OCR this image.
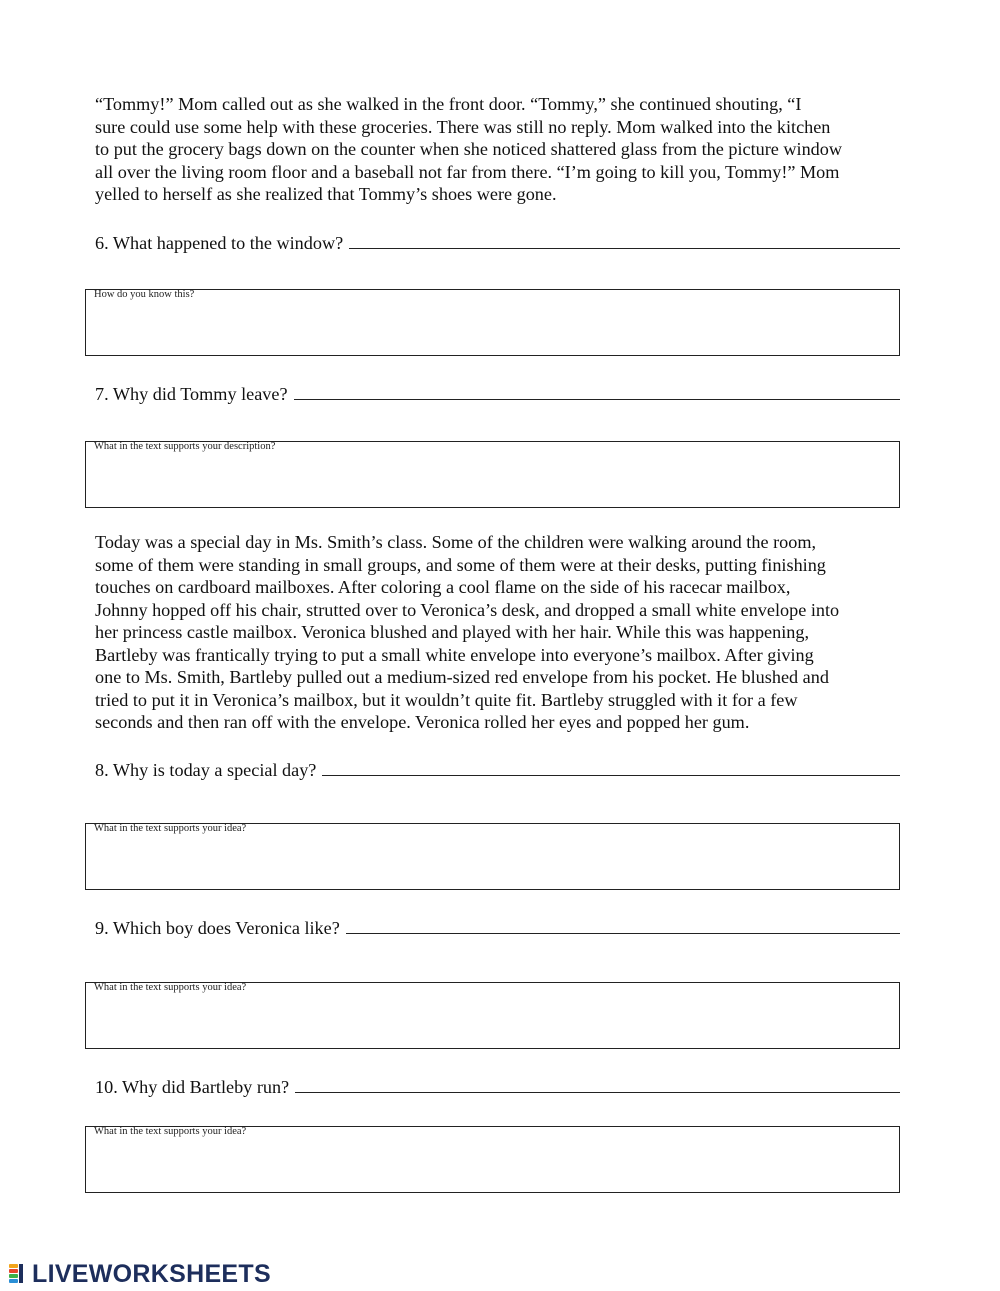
“Tommy!” Mom called out as she walked in the front door. “Tommy,” she continued shouting, “I
sure could use some help with these groceries. There was still no reply. Mom walked into the kitchen
to put the grocery bags down on the counter when she noticed shattered glass from the picture window
all over the living room floor and a baseball not far from there. “I’m going to kill you, Tommy!” Mom
yelled to herself as she realized that Tommy’s shoes were gone.
6. What happened to the window?
How do you know this?
7. Why did Tommy leave?
What in the text supports your description?
Today was a special day in Ms. Smith’s class. Some of the children were walking around the room,
some of them were standing in small groups, and some of them were at their desks, putting finishing
touches on cardboard mailboxes. After coloring a cool flame on the side of his racecar mailbox,
Johnny hopped off his chair, strutted over to Veronica’s desk, and dropped a small white envelope into
her princess castle mailbox. Veronica blushed and played with her hair. While this was happening,
Bartleby was frantically trying to put a small white envelope into everyone’s mailbox. After giving
one to Ms. Smith, Bartleby pulled out a medium-sized red envelope from his pocket. He blushed and
tried to put it in Veronica’s mailbox, but it wouldn’t quite fit. Bartleby struggled with it for a few
seconds and then ran off with the envelope. Veronica rolled her eyes and popped her gum.
8. Why is today a special day?
What in the text supports your idea?
9. Which boy does Veronica like?
What in the text supports your idea?
10. Why did Bartleby run?
What in the text supports your idea?
LIVEWORKSHEETS
